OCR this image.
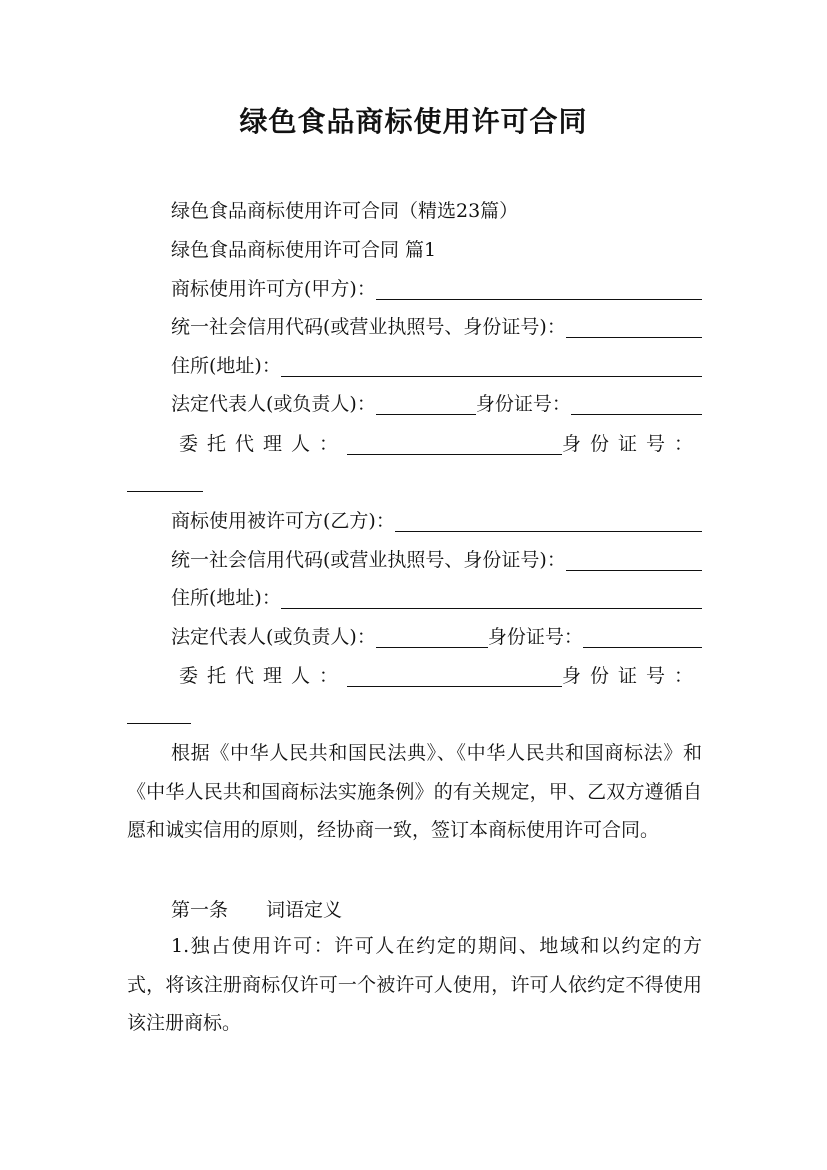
绿色食品商标使用许可合同
绿色食品商标使用许可合同（精选23篇）
绿色食品商标使用许可合同 篇1
商标使用许可方(甲方)：
统一社会信用代码(或营业执照号、身份证号)：
住所(地址)：
法定代表人(或负责人)：	身份证号：
委托代理人：	身份证号：
商标使用被许可方(乙方)：
统一社会信用代码(或营业执照号、身份证号)：
住所(地址)：
法定代表人(或负责人)：	身份证号：
委托代理人：	身份证号：
根据《中华人民共和国民法典》、《中华人民共和国商标法》和《中华人民共和国商标法实施条例》的有关规定，甲、乙双方遵循自愿和诚实信用的原则，经协商一致，签订本商标使用许可合同。
第一条　　词语定义
1.独占使用许可：许可人在约定的期间、地域和以约定的方式，将该注册商标仅许可一个被许可人使用，许可人依约定不得使用该注册商标。
